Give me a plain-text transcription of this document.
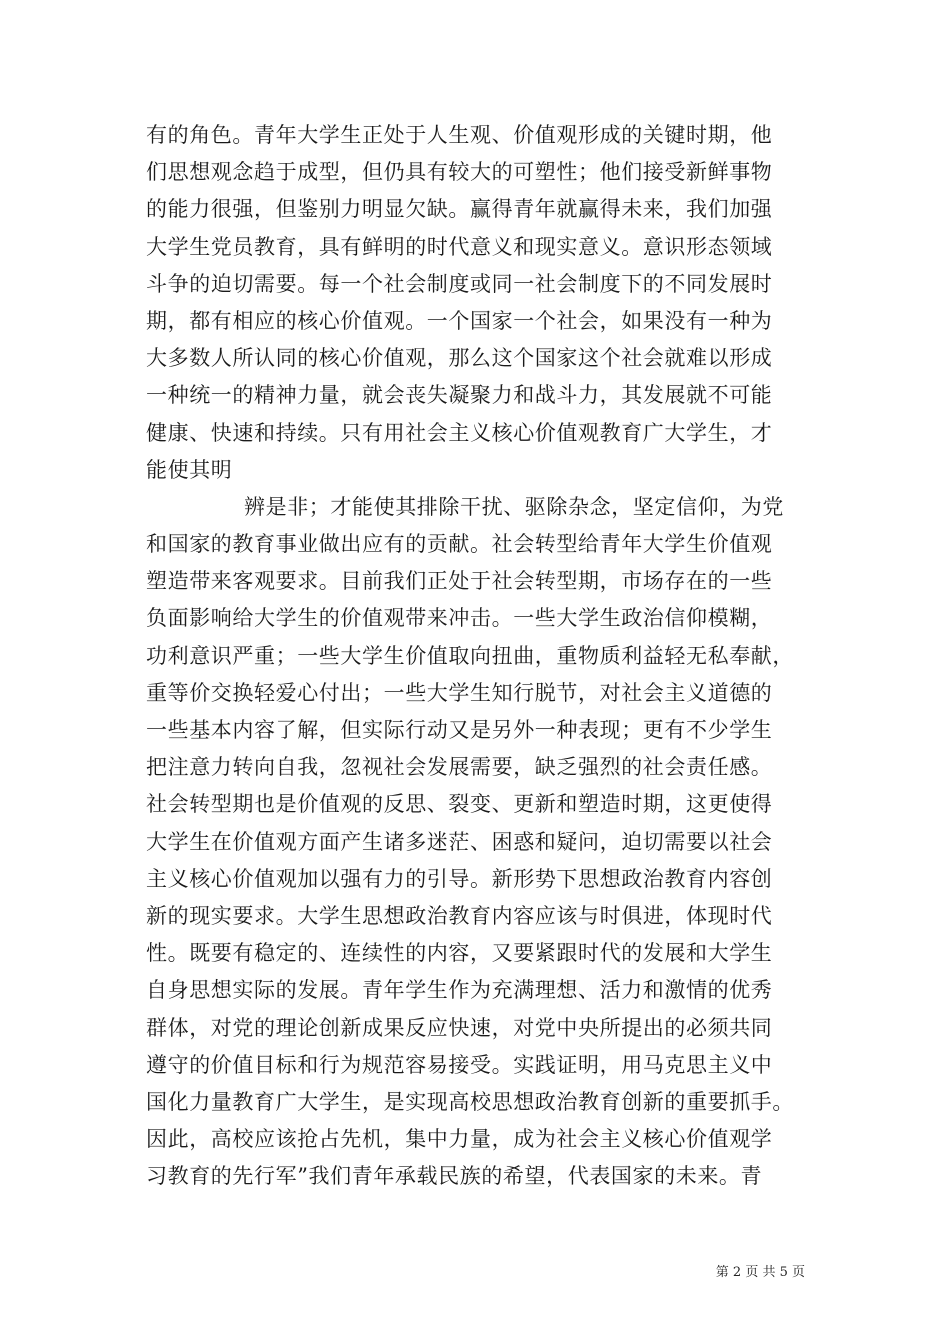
有的角色。青年大学生正处于人生观、价值观形成的关键时期，他
们思想观念趋于成型，但仍具有较大的可塑性；他们接受新鲜事物
的能力很强，但鉴别力明显欠缺。赢得青年就赢得未来，我们加强
大学生党员教育，具有鲜明的时代意义和现实意义。意识形态领域
斗争的迫切需要。每一个社会制度或同一社会制度下的不同发展时
期，都有相应的核心价值观。一个国家一个社会，如果没有一种为
大多数人所认同的核心价值观，那么这个国家这个社会就难以形成
一种统一的精神力量，就会丧失凝聚力和战斗力，其发展就不可能
健康、快速和持续。只有用社会主义核心价值观教育广大学生，才
能使其明
辨是非；才能使其排除干扰、驱除杂念，坚定信仰，为党
和国家的教育事业做出应有的贡献。社会转型给青年大学生价值观
塑造带来客观要求。目前我们正处于社会转型期，市场存在的一些
负面影响给大学生的价值观带来冲击。一些大学生政治信仰模糊，
功利意识严重；一些大学生价值取向扭曲，重物质利益轻无私奉献，
重等价交换轻爱心付出；一些大学生知行脱节，对社会主义道德的
一些基本内容了解，但实际行动又是另外一种表现；更有不少学生
把注意力转向自我，忽视社会发展需要，缺乏强烈的社会责任感。
社会转型期也是价值观的反思、裂变、更新和塑造时期，这更使得
大学生在价值观方面产生诸多迷茫、困惑和疑问，迫切需要以社会
主义核心价值观加以强有力的引导。新形势下思想政治教育内容创
新的现实要求。大学生思想政治教育内容应该与时俱进，体现时代
性。既要有稳定的、连续性的内容，又要紧跟时代的发展和大学生
自身思想实际的发展。青年学生作为充满理想、活力和激情的优秀
群体，对党的理论创新成果反应快速，对党中央所提出的必须共同
遵守的价值目标和行为规范容易接受。实践证明，用马克思主义中
国化力量教育广大学生，是实现高校思想政治教育创新的重要抓手。
因此，高校应该抢占先机，集中力量，成为社会主义核心价值观学
习教育的先行军”我们青年承载民族的希望，代表国家的未来。青
第 2 页 共 5 页
